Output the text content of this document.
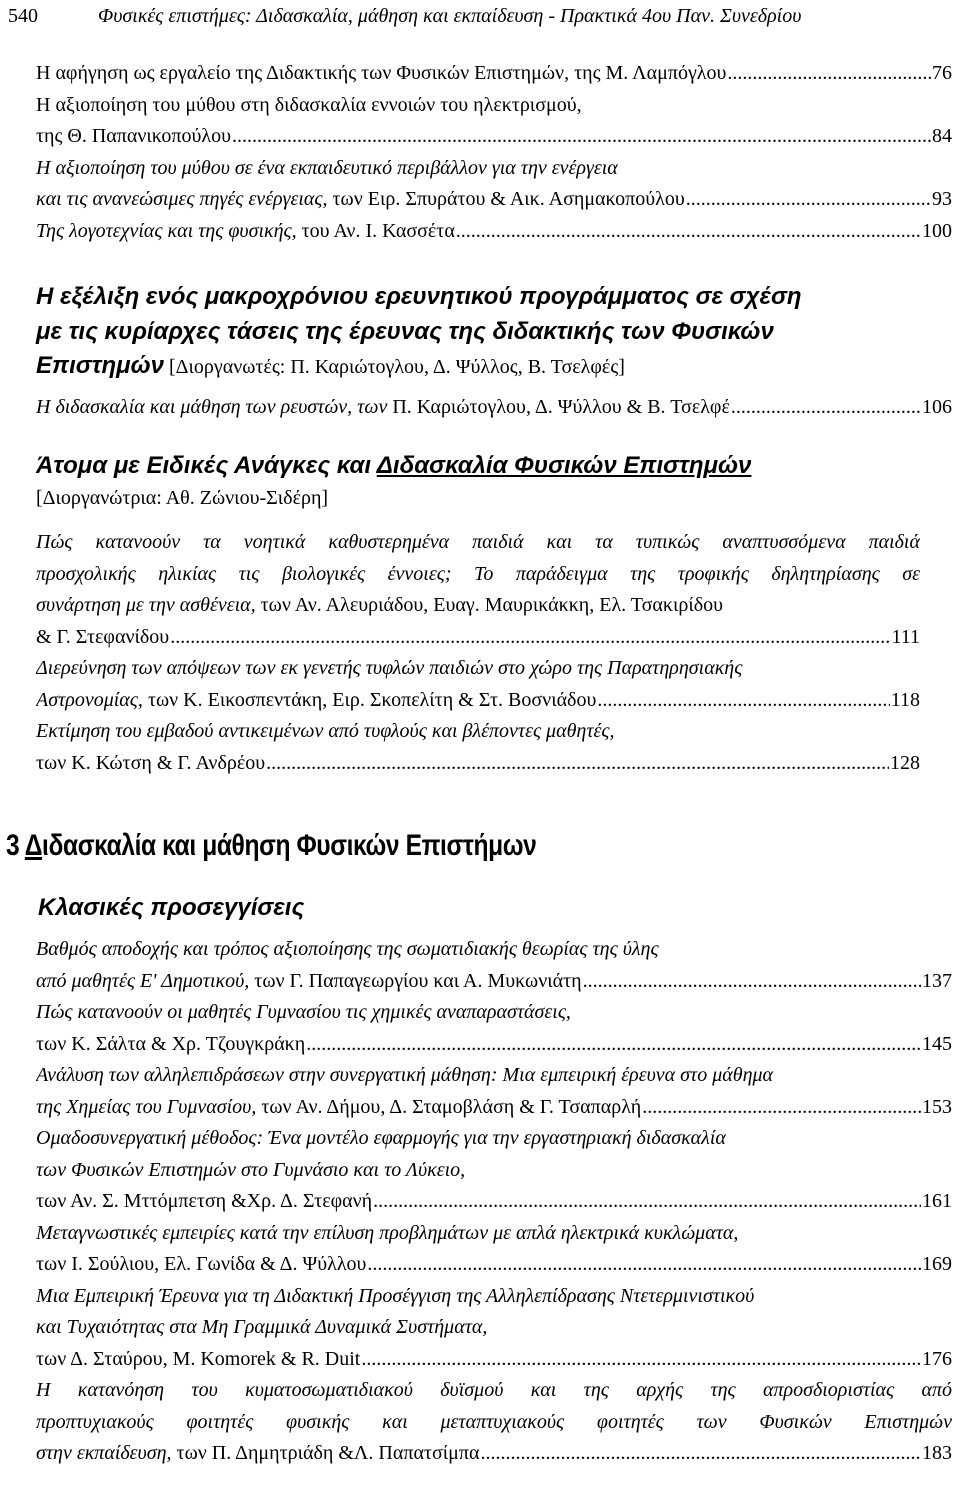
540	Φυσικές επιστήμες: Διδασκαλία, μάθηση και εκπαίδευση - Πρακτικά 4ου Παν. Συνεδρίου
Η αφήγηση ως εργαλείο της Διδακτικής των Φυσικών Επιστημών, της Μ. Λαμπόγλου .....	76
Η αξιοποίηση του μύθου στη διδασκαλία εννοιών του ηλεκτρισμού,
της Θ. Παπανικοπούλου .....	84
Η αξιοποίηση του μύθου σε ένα εκπαιδευτικό περιβάλλον για την ενέργεια
και τις ανανεώσιμες πηγές ενέργειας, των Ειρ. Σπυράτου & Αικ. Ασημακοπούλου .....	93
Της λογοτεχνίας και της φυσικής, του Αν. Ι. Κασσέτα .....	100
Η εξέλιξη ενός μακροχρόνιου ερευνητικού προγράμματος σε σχέση
με τις κυρίαρχες τάσεις της έρευνας της διδακτικής των Φυσικών
Επιστημών [Διοργανωτές: Π. Καριώτογλου, Δ. Ψύλλος, Β. Τσελφές]
Η διδασκαλία και μάθηση των ρευστών, των Π. Καριώτογλου, Δ. Ψύλλου & Β. Τσελφέ .....	106
Άτομα με Ειδικές Ανάγκες και Διδασκαλία Φυσικών Επιστημών
[Διοργανώτρια: Αθ. Ζώνιου-Σιδέρη]
Πώς κατανοούν τα νοητικά καθυστερημένα παιδιά και τα τυπικώς αναπτυσσόμενα παιδιά
προσχολικής ηλικίας τις βιολογικές έννοιες; Το παράδειγμα της τροφικής δηλητηρίασης σε
συνάρτηση με την ασθένεια, των Αν. Αλευριάδου, Ευαγ. Μαυρικάκκη, Ελ. Τσακιρίδου
& Γ. Στεφανίδου .....	111
Διερεύνηση των απόψεων των εκ γενετής τυφλών παιδιών στο χώρο της Παρατηρησιακής
Αστρονομίας, των Κ. Εικοσπεντάκη, Ειρ. Σκοπελίτη & Στ. Βοσνιάδου .....	118
Εκτίμηση του εμβαδού αντικειμένων από τυφλούς και βλέποντες μαθητές,
των Κ. Κώτση & Γ. Ανδρέου .....	128
3 Διδασκαλία και μάθηση Φυσικών Επιστήμων
Κλασικές προσεγγίσεις
Βαθμός αποδοχής και τρόπος αξιοποίησης της σωματιδιακής θεωρίας της ύλης
από μαθητές Ε' Δημοτικού, των Γ. Παπαγεωργίου και Α. Μυκωνιάτη .....	137
Πώς κατανοούν οι μαθητές Γυμνασίου τις χημικές αναπαραστάσεις,
των Κ. Σάλτα & Χρ. Τζουγκράκη .....	145
Ανάλυση των αλληλεπιδράσεων στην συνεργατική μάθηση: Μια εμπειρική έρευνα στο μάθημα
της Χημείας του Γυμνασίου, των Αν. Δήμου, Δ. Σταμοβλάση & Γ. Τσαπαρλή .....	153
Ομαδοσυνεργατική μέθοδος: Ένα μοντέλο εφαρμογής για την εργαστηριακή διδασκαλία
των Φυσικών Επιστημών στο Γυμνάσιο και το Λύκειο,
των Αν. Σ. Μττόμπετση &Χρ. Δ. Στεφανή .....	161
Μεταγνωστικές εμπειρίες κατά την επίλυση προβλημάτων με απλά ηλεκτρικά κυκλώματα,
των Ι. Σούλιου, Ελ. Γωνίδα & Δ. Ψύλλου .....	169
Μια Εμπειρική Έρευνα για τη Διδακτική Προσέγγιση της Αλληλεπίδρασης Ντετερμινιστικού
και Τυχαιότητας στα Μη Γραμμικά Δυναμικά Συστήματα,
των Δ. Σταύρου, M. Komorek & R. Duit .....	176
Η κατανόηση του κυματοσωματιδιακού δυϊσμού και της αρχής της απροσδιοριστίας από
προπτυχιακούς φοιτητές φυσικής και μεταπτυχιακούς φοιτητές των Φυσικών Επιστημών
στην εκπαίδευση, των Π. Δημητριάδη &Λ. Παπατσίμπα .....	183
